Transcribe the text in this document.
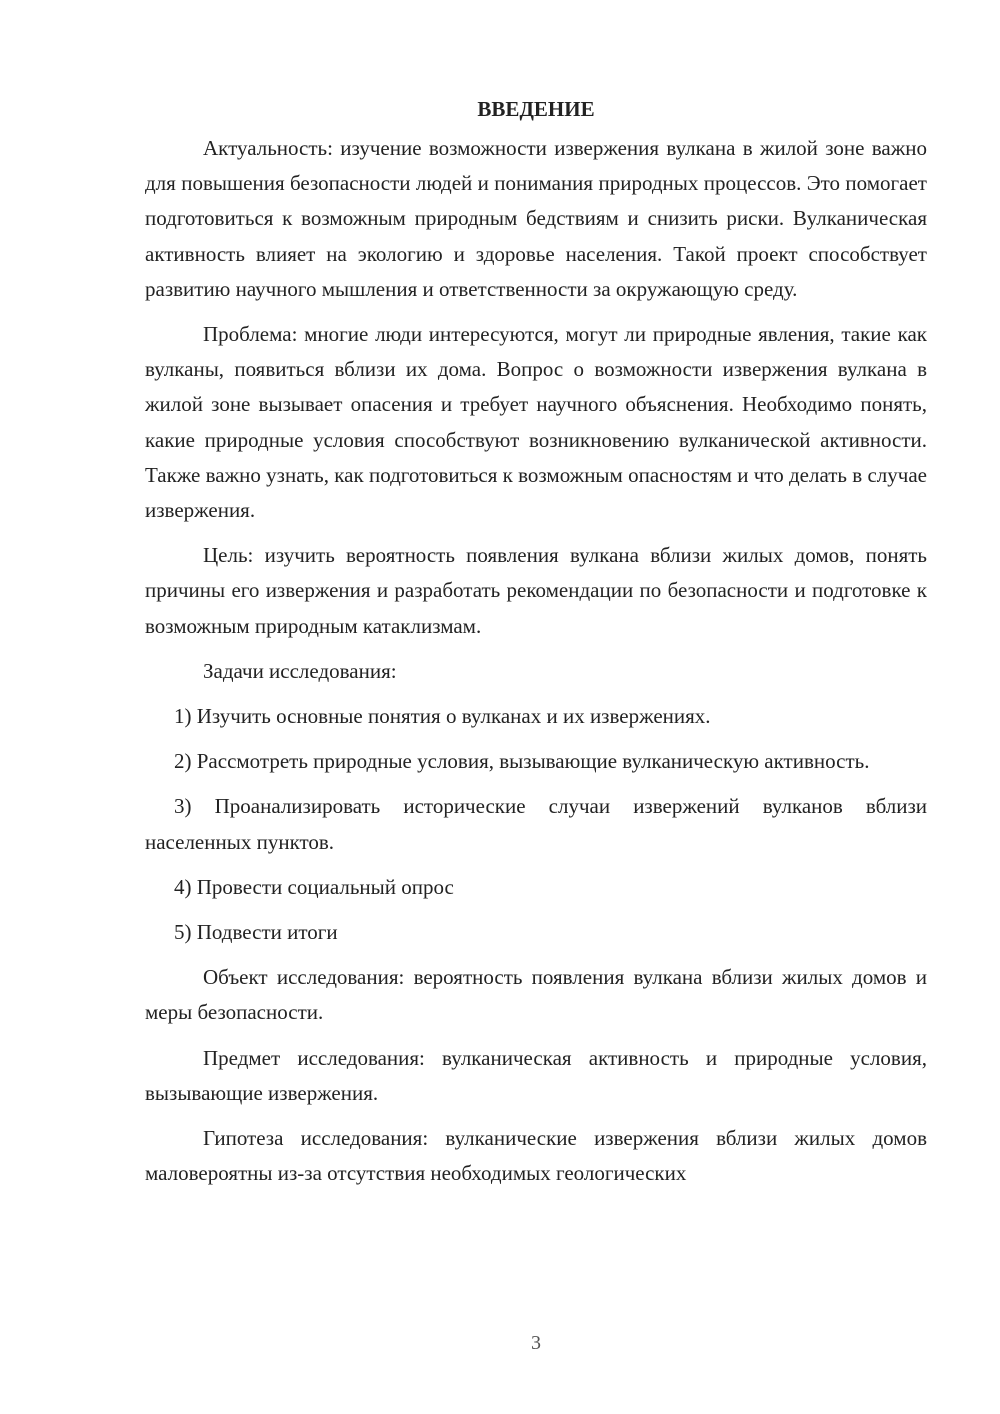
ВВЕДЕНИЕ

Актуальность: изучение возможности извержения вулкана в жилой зоне важно для повышения безопасности людей и понимания природных процессов. Это помогает подготовиться к возможным природным бедствиям и снизить риски. Вулканическая активность влияет на экологию и здоровье населения. Такой проект способствует развитию научного мышления и ответственности за окружающую среду.

Проблема: многие люди интересуются, могут ли природные явления, такие как вулканы, появиться вблизи их дома. Вопрос о возможности извержения вулкана в жилой зоне вызывает опасения и требует научного объяснения. Необходимо понять, какие природные условия способствуют возникновению вулканической активности. Также важно узнать, как подготовиться к возможным опасностям и что делать в случае извержения.

Цель: изучить вероятность появления вулкана вблизи жилых домов, понять причины его извержения и разработать рекомендации по безопасности и подготовке к возможным природным катаклизмам.

Задачи исследования:

1) Изучить основные понятия о вулканах и их извержениях.

2) Рассмотреть природные условия, вызывающие вулканическую активность.

3) Проанализировать исторические случаи извержений вулканов вблизи населенных пунктов.

4) Провести социальный опрос

5) Подвести итоги

Объект исследования: вероятность появления вулкана вблизи жилых домов и меры безопасности.

Предмет исследования: вулканическая активность и природные условия, вызывающие извержения.

Гипотеза исследования: вулканические извержения вблизи жилых домов маловероятны из-за отсутствия необходимых геологических

3
